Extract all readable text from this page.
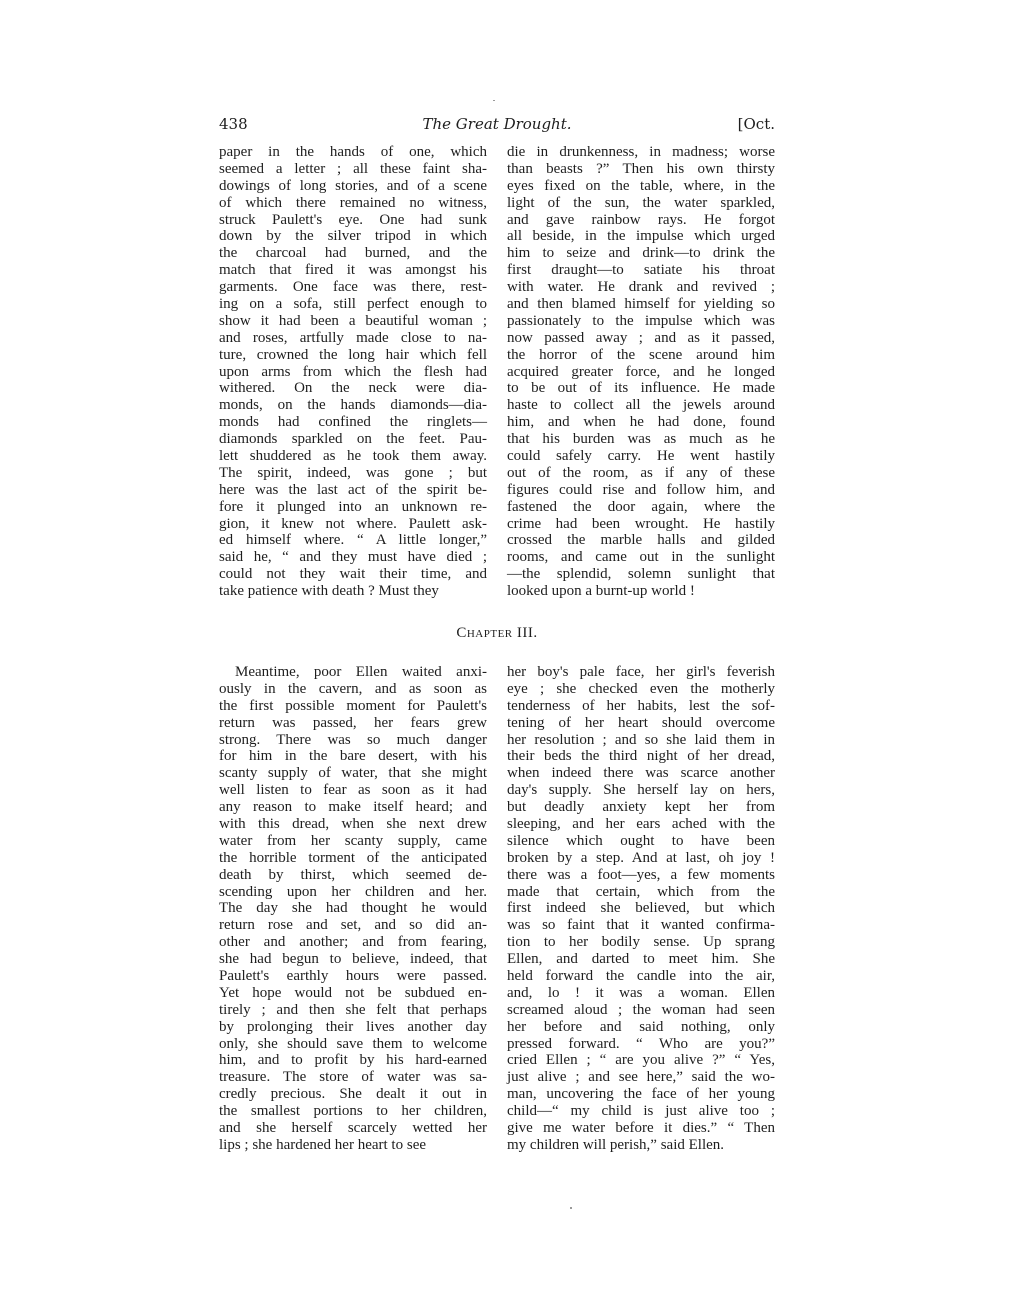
438	The Great Drought.	[Oct.
paper in the hands of one, which
seemed a letter ; all these faint sha-
dowings of long stories, and of a scene
of which there remained no witness,
struck Paulett's eye. One had sunk
down by the silver tripod in which
the charcoal had burned, and the
match that fired it was amongst his
garments. One face was there, rest-
ing on a sofa, still perfect enough to
show it had been a beautiful woman ;
and roses, artfully made close to na-
ture, crowned the long hair which fell
upon arms from which the flesh had
withered. On the neck were dia-
monds, on the hands diamonds—dia-
monds had confined the ringlets—
diamonds sparkled on the feet. Pau-
lett shuddered as he took them away.
The spirit, indeed, was gone ; but
here was the last act of the spirit be-
fore it plunged into an unknown re-
gion, it knew not where. Paulett ask-
ed himself where. “ A little longer,”
said he, “ and they must have died ;
could not they wait their time, and
take patience with death ? Must they
die in drunkenness, in madness; worse
than beasts ?” Then his own thirsty
eyes fixed on the table, where, in the
light of the sun, the water sparkled,
and gave rainbow rays. He forgot
all beside, in the impulse which urged
him to seize and drink—to drink the
first draught—to satiate his throat
with water. He drank and revived ;
and then blamed himself for yielding so
passionately to the impulse which was
now passed away ; and as it passed,
the horror of the scene around him
acquired greater force, and he longed
to be out of its influence. He made
haste to collect all the jewels around
him, and when he had done, found
that his burden was as much as he
could safely carry. He went hastily
out of the room, as if any of these
figures could rise and follow him, and
fastened the door again, where the
crime had been wrought. He hastily
crossed the marble halls and gilded
rooms, and came out in the sunlight
—the splendid, solemn sunlight that
looked upon a burnt-up world !
Chapter III.
Meantime, poor Ellen waited anxi-
ously in the cavern, and as soon as
the first possible moment for Paulett's
return was passed, her fears grew
strong. There was so much danger
for him in the bare desert, with his
scanty supply of water, that she might
well listen to fear as soon as it had
any reason to make itself heard; and
with this dread, when she next drew
water from her scanty supply, came
the horrible torment of the anticipated
death by thirst, which seemed de-
scending upon her children and her.
The day she had thought he would
return rose and set, and so did an-
other and another; and from fearing,
she had begun to believe, indeed, that
Paulett's earthly hours were passed.
Yet hope would not be subdued en-
tirely ; and then she felt that perhaps
by prolonging their lives another day
only, she should save them to welcome
him, and to profit by his hard-earned
treasure. The store of water was sa-
credly precious. She dealt it out in
the smallest portions to her children,
and she herself scarcely wetted her
lips ; she hardened her heart to see
her boy's pale face, her girl's feverish
eye ; she checked even the motherly
tenderness of her habits, lest the sof-
tening of her heart should overcome
her resolution ; and so she laid them in
their beds the third night of her dread,
when indeed there was scarce another
day's supply. She herself lay on hers,
but deadly anxiety kept her from
sleeping, and her ears ached with the
silence which ought to have been
broken by a step. And at last, oh joy !
there was a foot—yes, a few moments
made that certain, which from the
first indeed she believed, but which
was so faint that it wanted confirma-
tion to her bodily sense. Up sprang
Ellen, and darted to meet him. She
held forward the candle into the air,
and, lo ! it was a woman. Ellen
screamed aloud ; the woman had seen
her before and said nothing, only
pressed forward. “ Who are you?”
cried Ellen ; “ are you alive ?” “ Yes,
just alive ; and see here,” said the wo-
man, uncovering the face of her young
child—“ my child is just alive too ;
give me water before it dies.” “ Then
my children will perish,” said Ellen.
